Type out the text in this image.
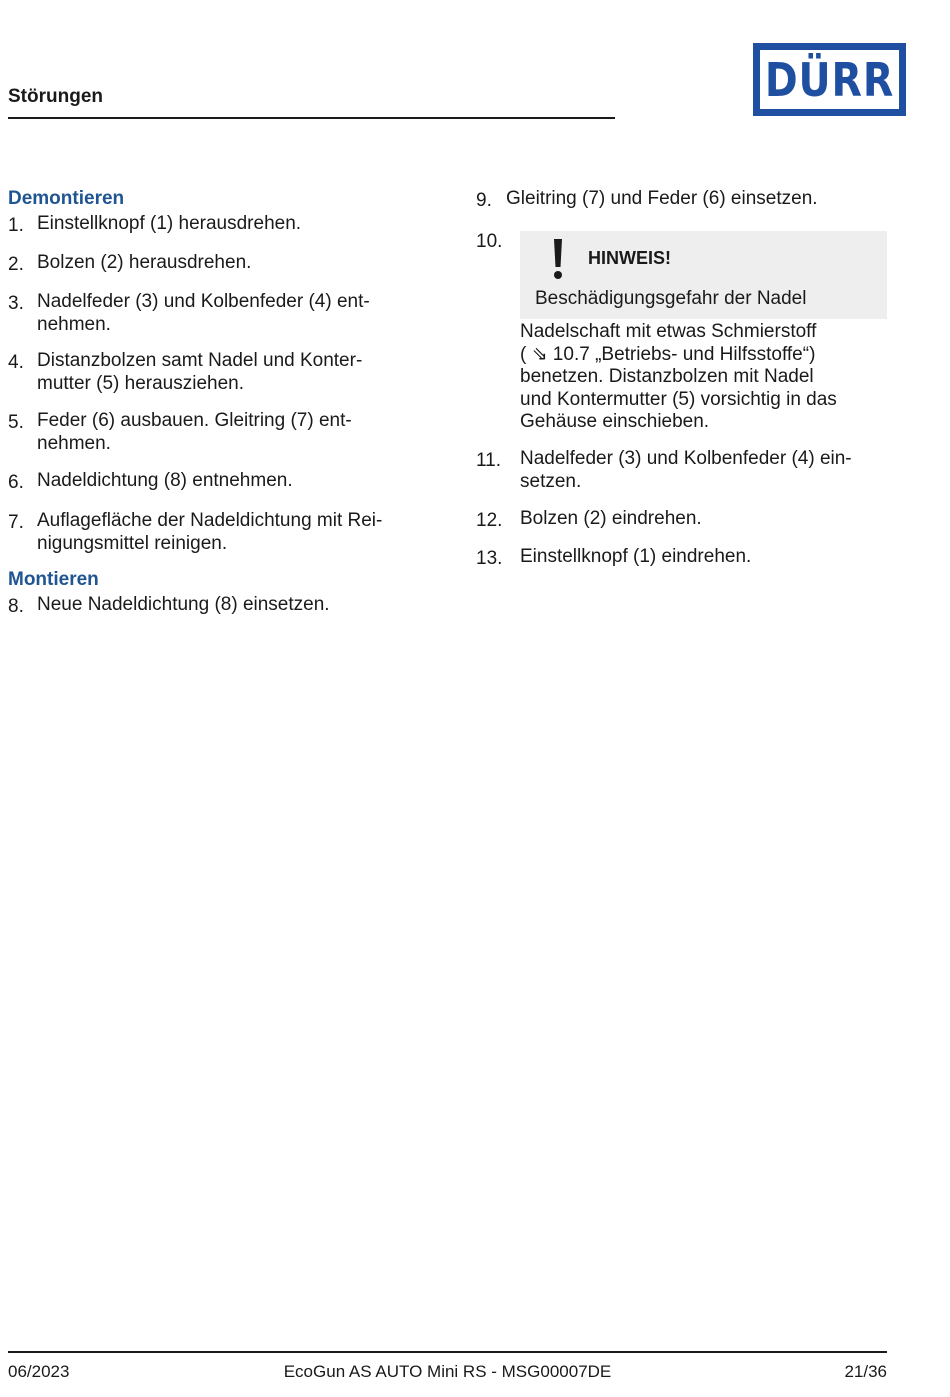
Störungen	DÜRR
Demontieren
1. Einstellknopf (1) herausdrehen.
2. Bolzen (2) herausdrehen.
3. Nadelfeder (3) und Kolbenfeder (4) ent-
nehmen.
4. Distanzbolzen samt Nadel und Konter-
mutter (5) herausziehen.
5. Feder (6) ausbauen. Gleitring (7) ent-
nehmen.
6. Nadeldichtung (8) entnehmen.
7. Auflagefläche der Nadeldichtung mit Rei-
nigungsmittel reinigen.
Montieren
8. Neue Nadeldichtung (8) einsetzen.
9. Gleitring (7) und Feder (6) einsetzen.
10.
HINWEIS!
Beschädigungsgefahr der Nadel
Nadelschaft mit etwas Schmierstoff
( ⇘ 10.7 „Betriebs- und Hilfsstoffe“)
benetzen. Distanzbolzen mit Nadel
und Kontermutter (5) vorsichtig in das
Gehäuse einschieben.
11. Nadelfeder (3) und Kolbenfeder (4) ein-
setzen.
12. Bolzen (2) eindrehen.
13. Einstellknopf (1) eindrehen.
06/2023	EcoGun AS AUTO Mini RS - MSG00007DE	21/36
